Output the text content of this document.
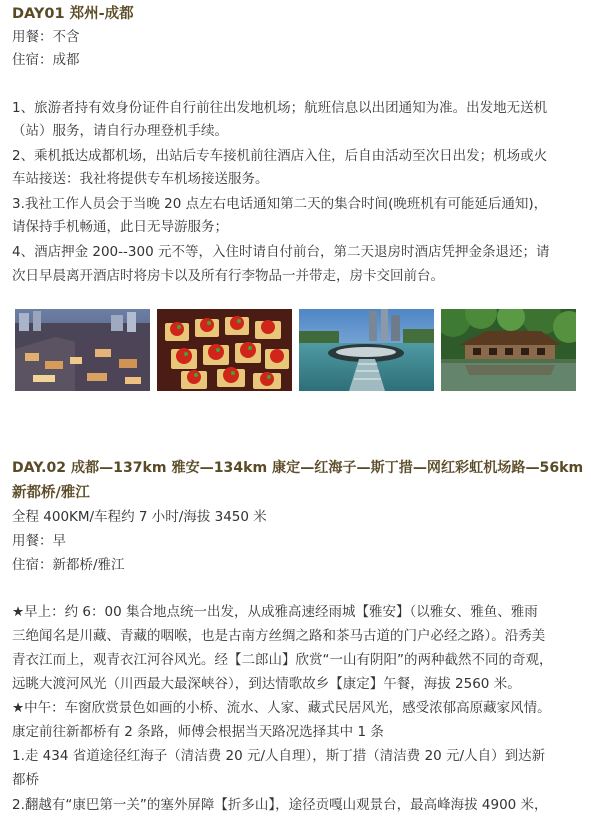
DAY01 郑州-成都
用餐：不含
住宿：成都
1、旅游者持有效身份证件自行前往出发地机场；航班信息以出团通知为准。出发地无送机
（站）服务，请自行办理登机手续。
2、乘机抵达成都机场，出站后专车接机前往酒店入住，后自由活动至次日出发；机场或火
车站接送：我社将提供专车机场接送服务。
3.我社工作人员会于当晚 20 点左右电话通知第二天的集合时间(晚班机有可能延后通知)，
请保持手机畅通，此日无导游服务；
4、酒店押金 200--300 元不等，入住时请自付前台，第二天退房时酒店凭押金条退还；请
次日早晨离开酒店时将房卡以及所有行李物品一并带走，房卡交回前台。
DAY.02 成都—137km 雅安—134km 康定—红海子—斯丁措—网红彩虹机场路—56km
新都桥/雅江
全程 400KM/车程约 7 小时/海拔 3450 米
用餐：早
住宿：新都桥/雅江
★早上：约 6：00 集合地点统一出发，从成雅高速经雨城【雅安】（以雅女、雅鱼、雅雨
三绝闻名是川藏、青藏的咽喉，也是古南方丝绸之路和茶马古道的门户必经之路）。沿秀美
青衣江而上，观青衣江河谷风光。经【二郎山】欣赏“一山有阴阳”的两种截然不同的奇观，
远眺大渡河风光（川西最大最深峡谷），到达情歌故乡【康定】午餐，海拔 2560 米。
★中午：车窗欣赏景色如画的小桥、流水、人家、藏式民居风光，感受浓郁高原藏家风情。
康定前往新都桥有 2 条路，师傅会根据当天路况选择其中 1 条
1.走 434 省道途径红海子（清洁费 20 元/人自理），斯丁措（清洁费 20 元/人自）到达新
都桥
2.翻越有“康巴第一关”的塞外屏障【折多山】，途径贡嘎山观景台，最高峰海拔 4900 米，
